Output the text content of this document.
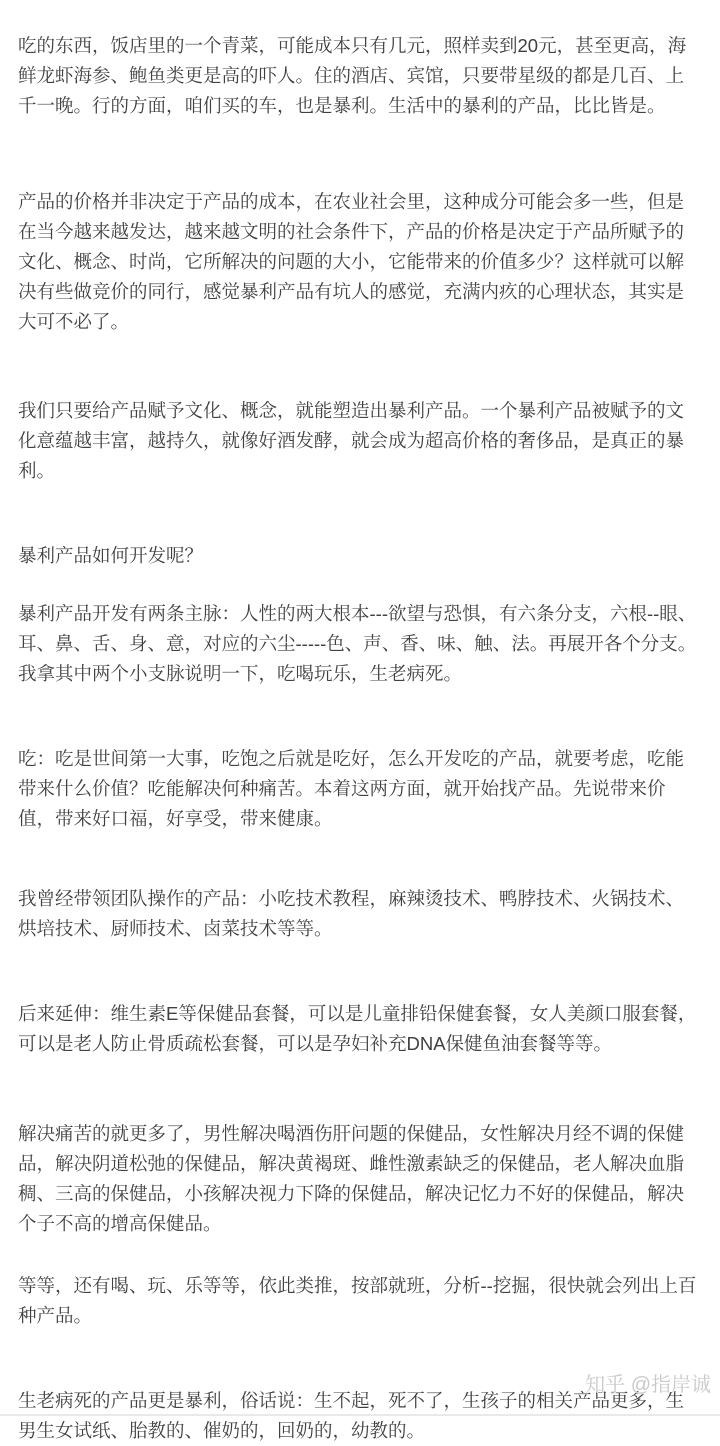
吃的东西，饭店里的一个青菜，可能成本只有几元，照样卖到20元，甚至更高，海鲜龙虾海参、鲍鱼类更是高的吓人。住的酒店、宾馆，只要带星级的都是几百、上千一晚。行的方面，咱们买的车，也是暴利。生活中的暴利的产品，比比皆是。

产品的价格并非决定于产品的成本，在农业社会里，这种成分可能会多一些，但是在当今越来越发达，越来越文明的社会条件下，产品的价格是决定于产品所赋予的文化、概念、时尚，它所解决的问题的大小，它能带来的价值多少？这样就可以解决有些做竞价的同行，感觉暴利产品有坑人的感觉，充满内疚的心理状态，其实是大可不必了。

我们只要给产品赋予文化、概念，就能塑造出暴利产品。一个暴利产品被赋予的文化意蕴越丰富，越持久，就像好酒发酵，就会成为超高价格的奢侈品，是真正的暴利。

暴利产品如何开发呢？

暴利产品开发有两条主脉：人性的两大根本---欲望与恐惧，有六条分支，六根--眼、耳、鼻、舌、身、意，对应的六尘-----色、声、香、味、触、法。再展开各个分支。我拿其中两个小支脉说明一下，吃喝玩乐，生老病死。

吃：吃是世间第一大事，吃饱之后就是吃好，怎么开发吃的产品，就要考虑，吃能带来什么价值？吃能解决何种痛苦。本着这两方面，就开始找产品。先说带来价值，带来好口福，好享受，带来健康。

我曾经带领团队操作的产品：小吃技术教程，麻辣烫技术、鸭脖技术、火锅技术、烘培技术、厨师技术、卤菜技术等等。

后来延伸：维生素E等保健品套餐，可以是儿童排铅保健套餐，女人美颜口服套餐，可以是老人防止骨质疏松套餐，可以是孕妇补充DNA保健鱼油套餐等等。

解决痛苦的就更多了，男性解决喝酒伤肝问题的保健品，女性解决月经不调的保健品，解决阴道松弛的保健品，解决黄褐斑、雌性激素缺乏的保健品，老人解决血脂稠、三高的保健品，小孩解决视力下降的保健品，解决记忆力不好的保健品，解决个子不高的增高保健品。

等等，还有喝、玩、乐等等，依此类推，按部就班，分析--挖掘，很快就会列出上百种产品。

生老病死的产品更是暴利，俗话说：生不起，死不了，生孩子的相关产品更多，生男生女试纸、胎教的、催奶的，回奶的，幼教的。

知乎 @指岸诚
